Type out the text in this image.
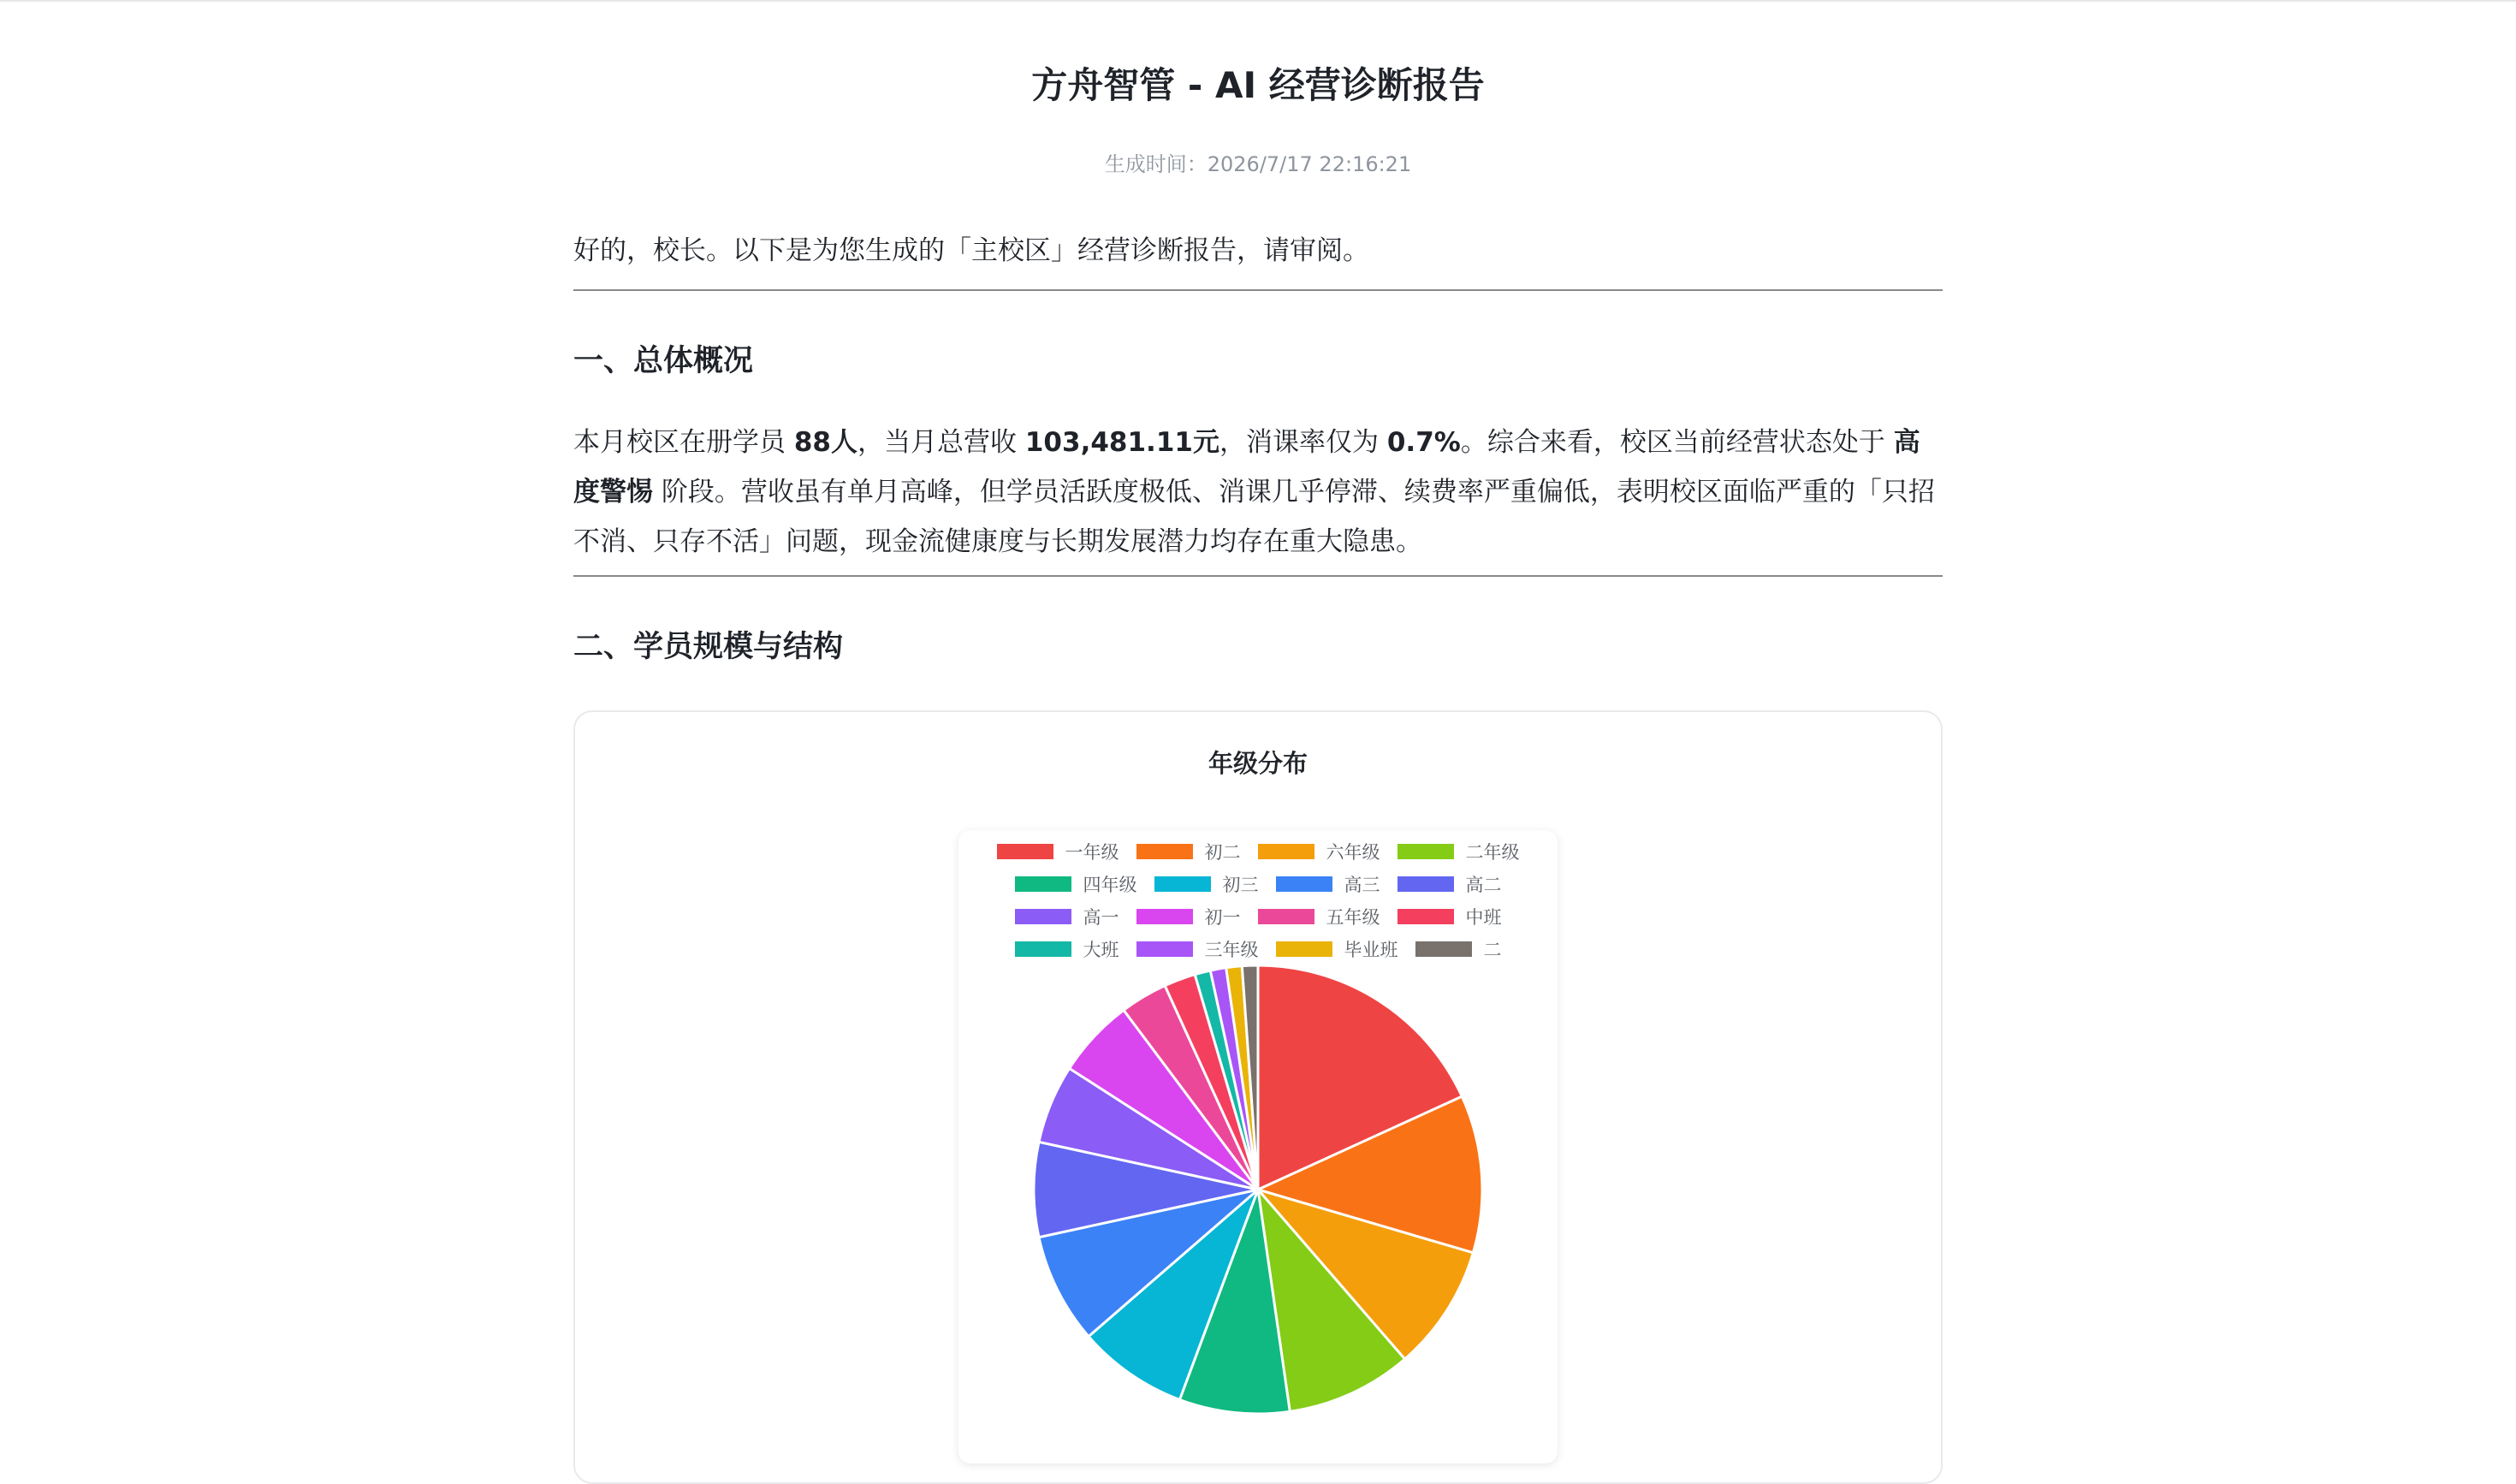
方舟智管 - AI 经营诊断报告
生成时间：2026/7/17 22:16:21

好的，校长。以下是为您生成的「主校区」经营诊断报告，请审阅。

一、总体概况

本月校区在册学员 88人，当月总营收 103,481.11元，消课率仅为 0.7%。综合来看，校区当前经营状态处于 高度警惕 阶段。营收虽有单月高峰，但学员活跃度极低、消课几乎停滞、续费率严重偏低，表明校区面临严重的「只招不消、只存不活」问题，现金流健康度与长期发展潜力均存在重大隐患。

二、学员规模与结构
年级分布
一年级	初二	六年级	二年级
四年级	初三	高三	高二
高一	初一	五年级	中班
大班	三年级	毕业班	二
